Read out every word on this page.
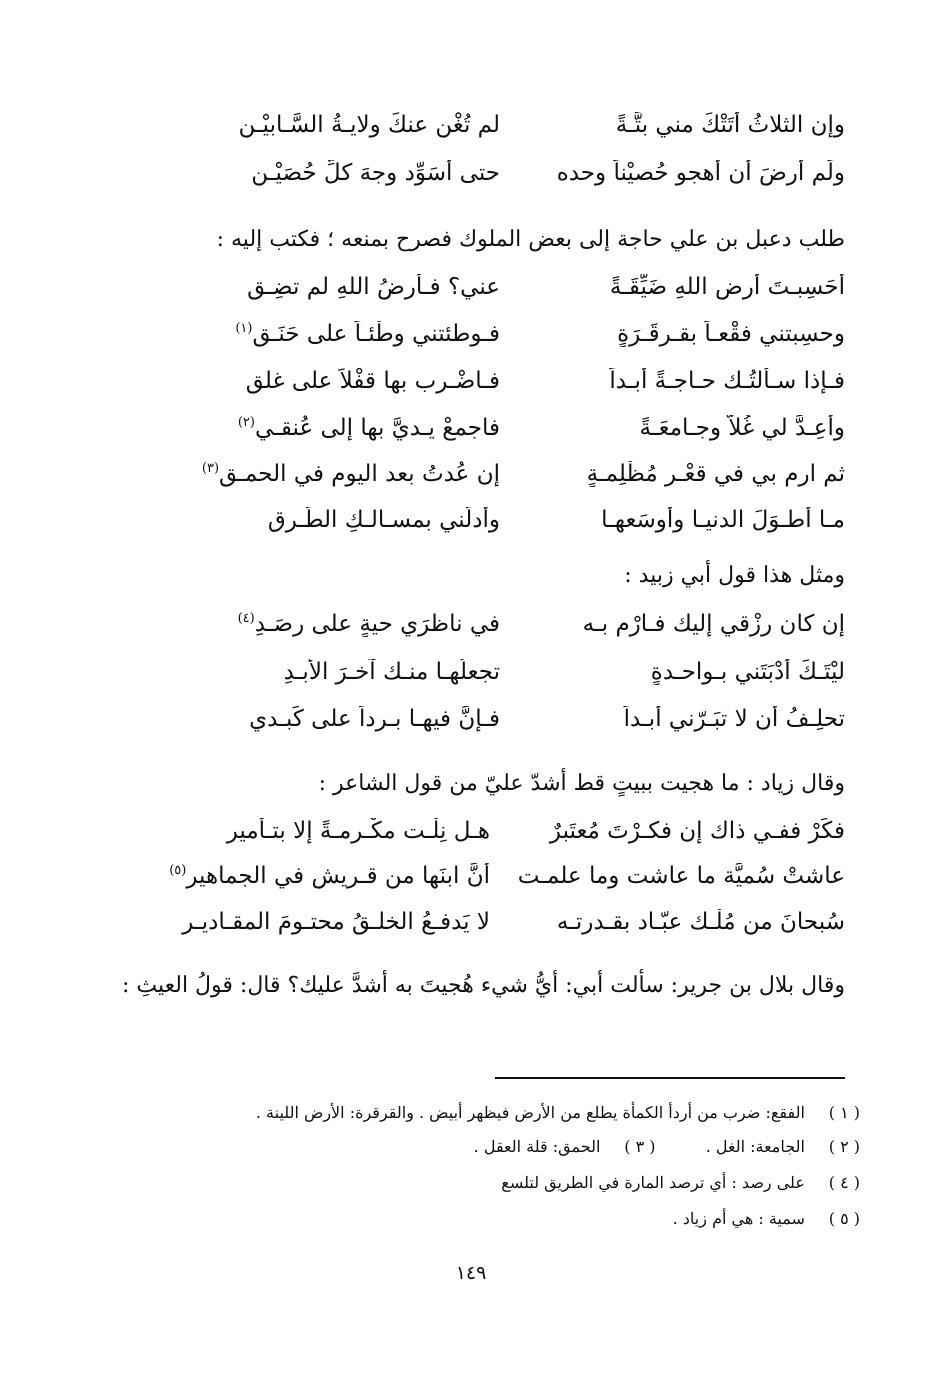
وإن الثلاثُ أَتَتْكَ مني بتَّـةً
لم تُغْن عنكَ ولايـةُ السَّـابيْـنِ
ولَم أرضَ أن أهجو حُصيْناً وحده
حتى أُسَوِّد وجهَ كلِّ حُصَيْـنِ
طلب دعبل بن علي حاجة إلى بعض الملوك فصرح بمنعه ؛ فكتب إليه :
أحَسِبـتَ أرض اللهِ ضَيِّقَـةً
عني؟ فـأرضُ اللهِ لم تضِـقِ
وحسِبتني فقْعـاً بقـرقَـرَةٍ
فـوطئتني وطْئـاً على حَنَـقِ$^{(١)}$
فـإذا سـألتُـك حـاجـةً أبـداً
فـاضْـرب بها قفْلاً على غلقِ
وأعِـدَّ لي غُلاًّ وجـامعَـةً
فاجمعْ يـديَّ بها إلى عُنقـي$^{(٢)}$
ثم ارم بي في قعْـرِ مُظْلِمـةٍ
إن عُدتُ بعد اليوم في الحمـقِ$^{(٣)}$
مـا أطـوَلَ الدنيـا وأوسَعهـا
وأدلَّني بمسـالـكِ الطُّـرقِ
ومثل هذا قول أبي زبيد :
إن كان رزْقي إليك فـارْم بـه
في ناظرَي حيةٍ على رصَـدِ$^{(٤)}$
ليْتَـكَ أدْبَتَني بـواحـدةٍ
تجعلُهـا منـك آخـرَ الأبـدِ
تحلِـفُ أن لا تبَـرّني أبـداً
فـإنَّ فيهـا بـرداً على كَبـدي
وقال زياد : ما هجيت ببيتٍ قط أشدّ عليّ من قول الشاعر :
فكِّرْ ففـي ذاك إن فكـرْتَ مُعتَبرٌ
هـل نِلْـت مكْـرمـةً إلا بتـأْميرِ
عاشتْ سُميَّة ما عاشت وما علمـت
أنَّ ابنَها من قـريشٍ في الجماهيرِ$^{(٥)}$
سُبحانَ من مُلْـك عبّـاد بقـدرتـه
لا يَدفـعُ الخلـقُ محتـومَ المقـاديـرِ
وقال بلال بن جرير: سألت أبي: أيُّ شيء هُجيتَ به أشدَّ عليك؟ قال: قولُ العيثِ :
( ١ ) الفقع: ضرب من أردأ الكمأة يطلع من الأرض فيظهر أبيض . والقرقرة: الأرض اللينة .
( ٢ ) الجامعة: الغل .  ( ٣ ) الحمق: قلة العقل .
( ٤ ) على رصد : أي ترصد المارة في الطريق لتلسع
( ٥ ) سمية : هي أم زياد .
١٤٩
